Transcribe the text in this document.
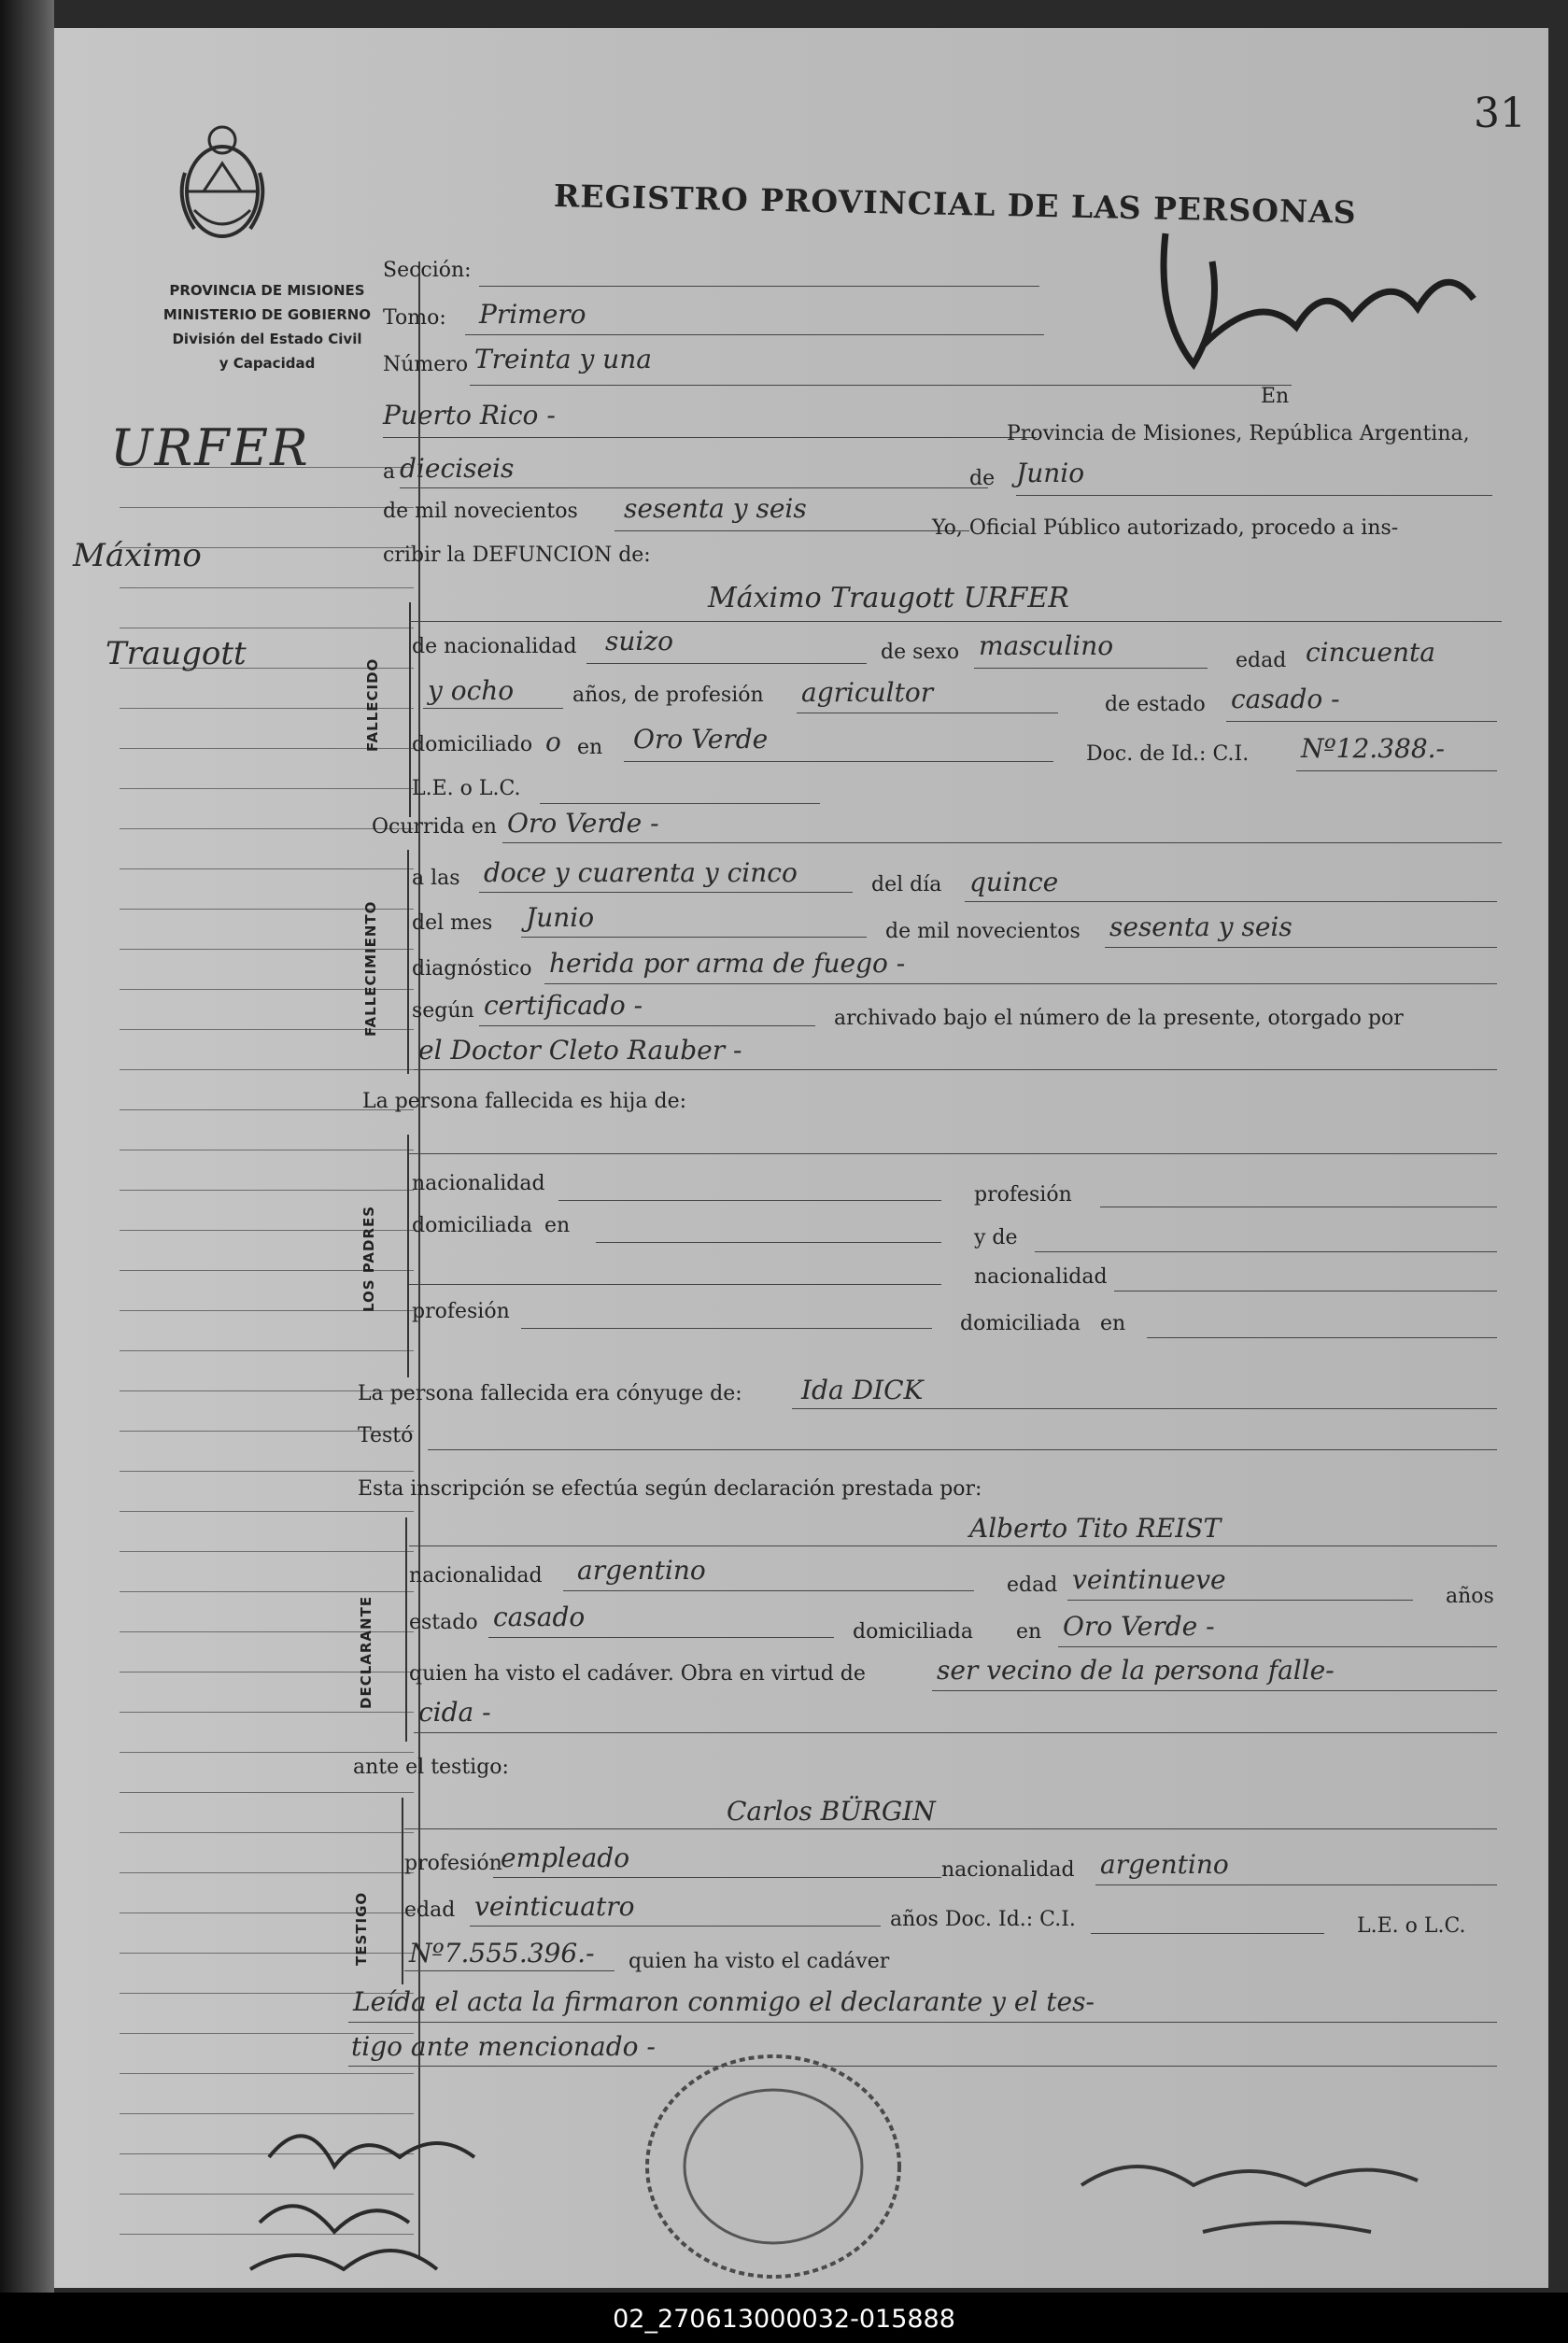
31
REGISTRO PROVINCIAL DE LAS PERSONAS
PROVINCIA DE MISIONES
MINISTERIO DE GOBIERNO
División del Estado Civil
y Capacidad
URFER
Máximo
Traugott
Sección:
Tomo: Primero
Número Treinta y una
En
Puerto Rico -
Provincia de Misiones, República Argentina,
a dieciseis	de Junio
de mil novecientos sesenta y seis
Yo, Oficial Público autorizado, procedo a ins-
cribir la DEFUNCION de:
FALLECIDO
Máximo Traugott URFER
de nacionalidad suizo	de sexo masculino	edad cincuenta
y ocho	años, de profesión agricultor	de estado casado -
domiciliado o en Oro Verde	Doc. de Id.: C.I. Nº12.388.-
L.E. o L.C.
Ocurrida en Oro Verde -
FALLECIMIENTO
a las doce y cuarenta y cinco	del día quince
del mes Junio	de mil novecientos sesenta y seis
diagnóstico herida por arma de fuego -
según certificado -	archivado bajo el número de la presente, otorgado por
el Doctor Cleto Rauber -
La persona fallecida es hija de:
LOS PADRES
nacionalidad	profesión
domiciliada en
y de
nacionalidad
profesión
domiciliada en
La persona fallecida era cónyuge de: Ida DICK
Testó
Esta inscripción se efectúa según declaración prestada por:
DECLARANTE
Alberto Tito REIST
nacionalidad argentino	edad veintinueve
años
estado casado	domiciliada en Oro Verde -
quien ha visto el cadáver. Obra en virtud de	ser vecino de la persona falle-
cida -
ante el testigo:
TESTIGO
Carlos BÜRGIN
profesión
empleado	nacionalidad argentino
edad veinticuatro	años Doc. Id.: C.I.	L.E. o L.C.
Nº7.555.396.- quien ha visto el cadáver
Leída el acta la firmaron conmigo el declarante y el tes-
tigo ante mencionado -
02_270613000032-015888
